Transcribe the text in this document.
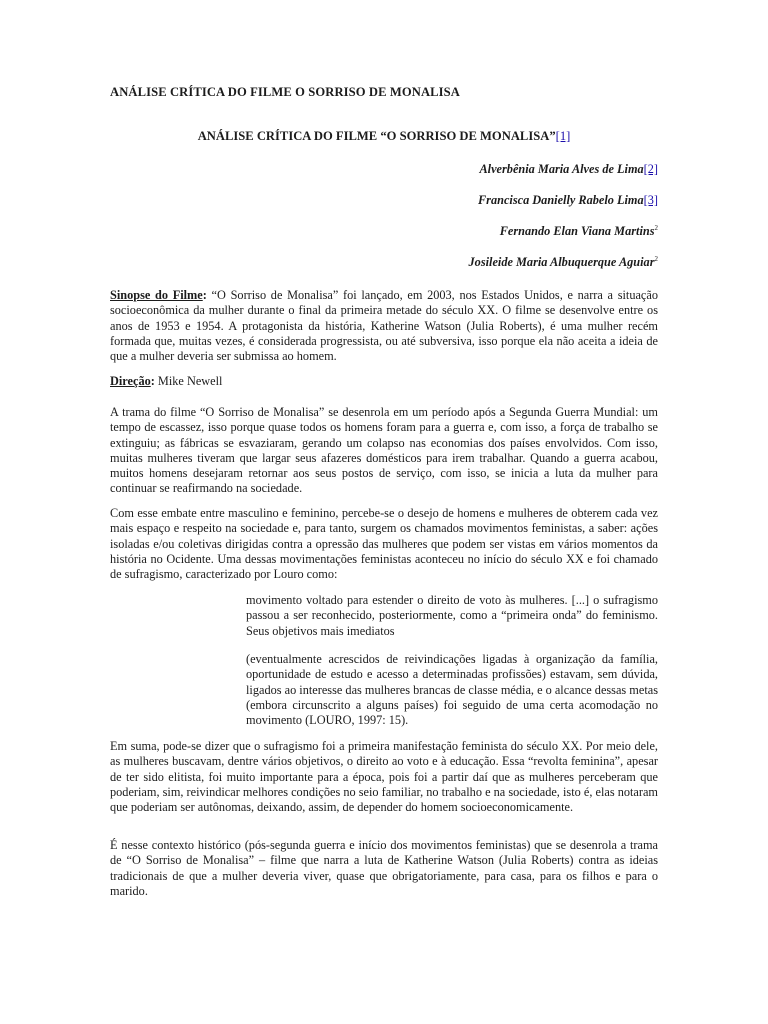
ANÁLISE CRÍTICA DO FILME O SORRISO DE MONALISA
ANÁLISE CRÍTICA DO FILME “O SORRISO DE MONALISA”[1]

Alverbênia Maria Alves de Lima[2]

Francisca Danielly Rabelo Lima[3]

Fernando Elan Viana Martins$^2$

Josileide Maria Albuquerque Aguiar$^2$

Sinopse do Filme: “O Sorriso de Monalisa” foi lançado, em 2003, nos Estados Unidos, e narra a situação socioeconômica da mulher durante o final da primeira metade do século XX. O filme se desenvolve entre os anos de 1953 e 1954. A protagonista da história, Katherine Watson (Julia Roberts), é uma mulher recém formada que, muitas vezes, é considerada progressista, ou até subversiva, isso porque ela não aceita a ideia de que a mulher deveria ser submissa ao homem.

Direção: Mike Newell

A trama do filme “O Sorriso de Monalisa” se desenrola em um período após a Segunda Guerra Mundial: um tempo de escassez, isso porque quase todos os homens foram para a guerra e, com isso, a força de trabalho se extinguiu; as fábricas se esvaziaram, gerando um colapso nas economias dos países envolvidos. Com isso, muitas mulheres tiveram que largar seus afazeres domésticos para irem trabalhar. Quando a guerra acabou, muitos homens desejaram retornar aos seus postos de serviço, com isso, se inicia a luta da mulher para continuar se reafirmando na sociedade.

Com esse embate entre masculino e feminino, percebe-se o desejo de homens e mulheres de obterem cada vez mais espaço e respeito na sociedade e, para tanto, surgem os chamados movimentos feministas, a saber: ações isoladas e/ou coletivas dirigidas contra a opressão das mulheres que podem ser vistas em vários momentos da história no Ocidente. Uma dessas movimentações feministas aconteceu no início do século XX e foi chamado de sufragismo, caracterizado por Louro como:

movimento voltado para estender o direito de voto às mulheres. [...] o sufragismo passou a ser reconhecido, posteriormente, como a “primeira onda” do feminismo. Seus objetivos mais imediatos

(eventualmente acrescidos de reivindicações ligadas à organização da família, oportunidade de estudo e acesso a determinadas profissões) estavam, sem dúvida, ligados ao interesse das mulheres brancas de classe média, e o alcance dessas metas (embora circunscrito a alguns países) foi seguido de uma certa acomodação no movimento (LOURO, 1997: 15).

Em suma, pode-se dizer que o sufragismo foi a primeira manifestação feminista do século XX. Por meio dele, as mulheres buscavam, dentre vários objetivos, o direito ao voto e à educação. Essa “revolta feminina”, apesar de ter sido elitista, foi muito importante para a época, pois foi a partir daí que as mulheres perceberam que poderiam, sim, reivindicar melhores condições no seio familiar, no trabalho e na sociedade, isto é, elas notaram que poderiam ser autônomas, deixando, assim, de depender do homem socioeconomicamente.

É nesse contexto histórico (pós-segunda guerra e início dos movimentos feministas) que se desenrola a trama de “O Sorriso de Monalisa” – filme que narra a luta de Katherine Watson (Julia Roberts) contra as ideias tradicionais de que a mulher deveria viver, quase que obrigatoriamente, para casa, para os filhos e para o marido.
